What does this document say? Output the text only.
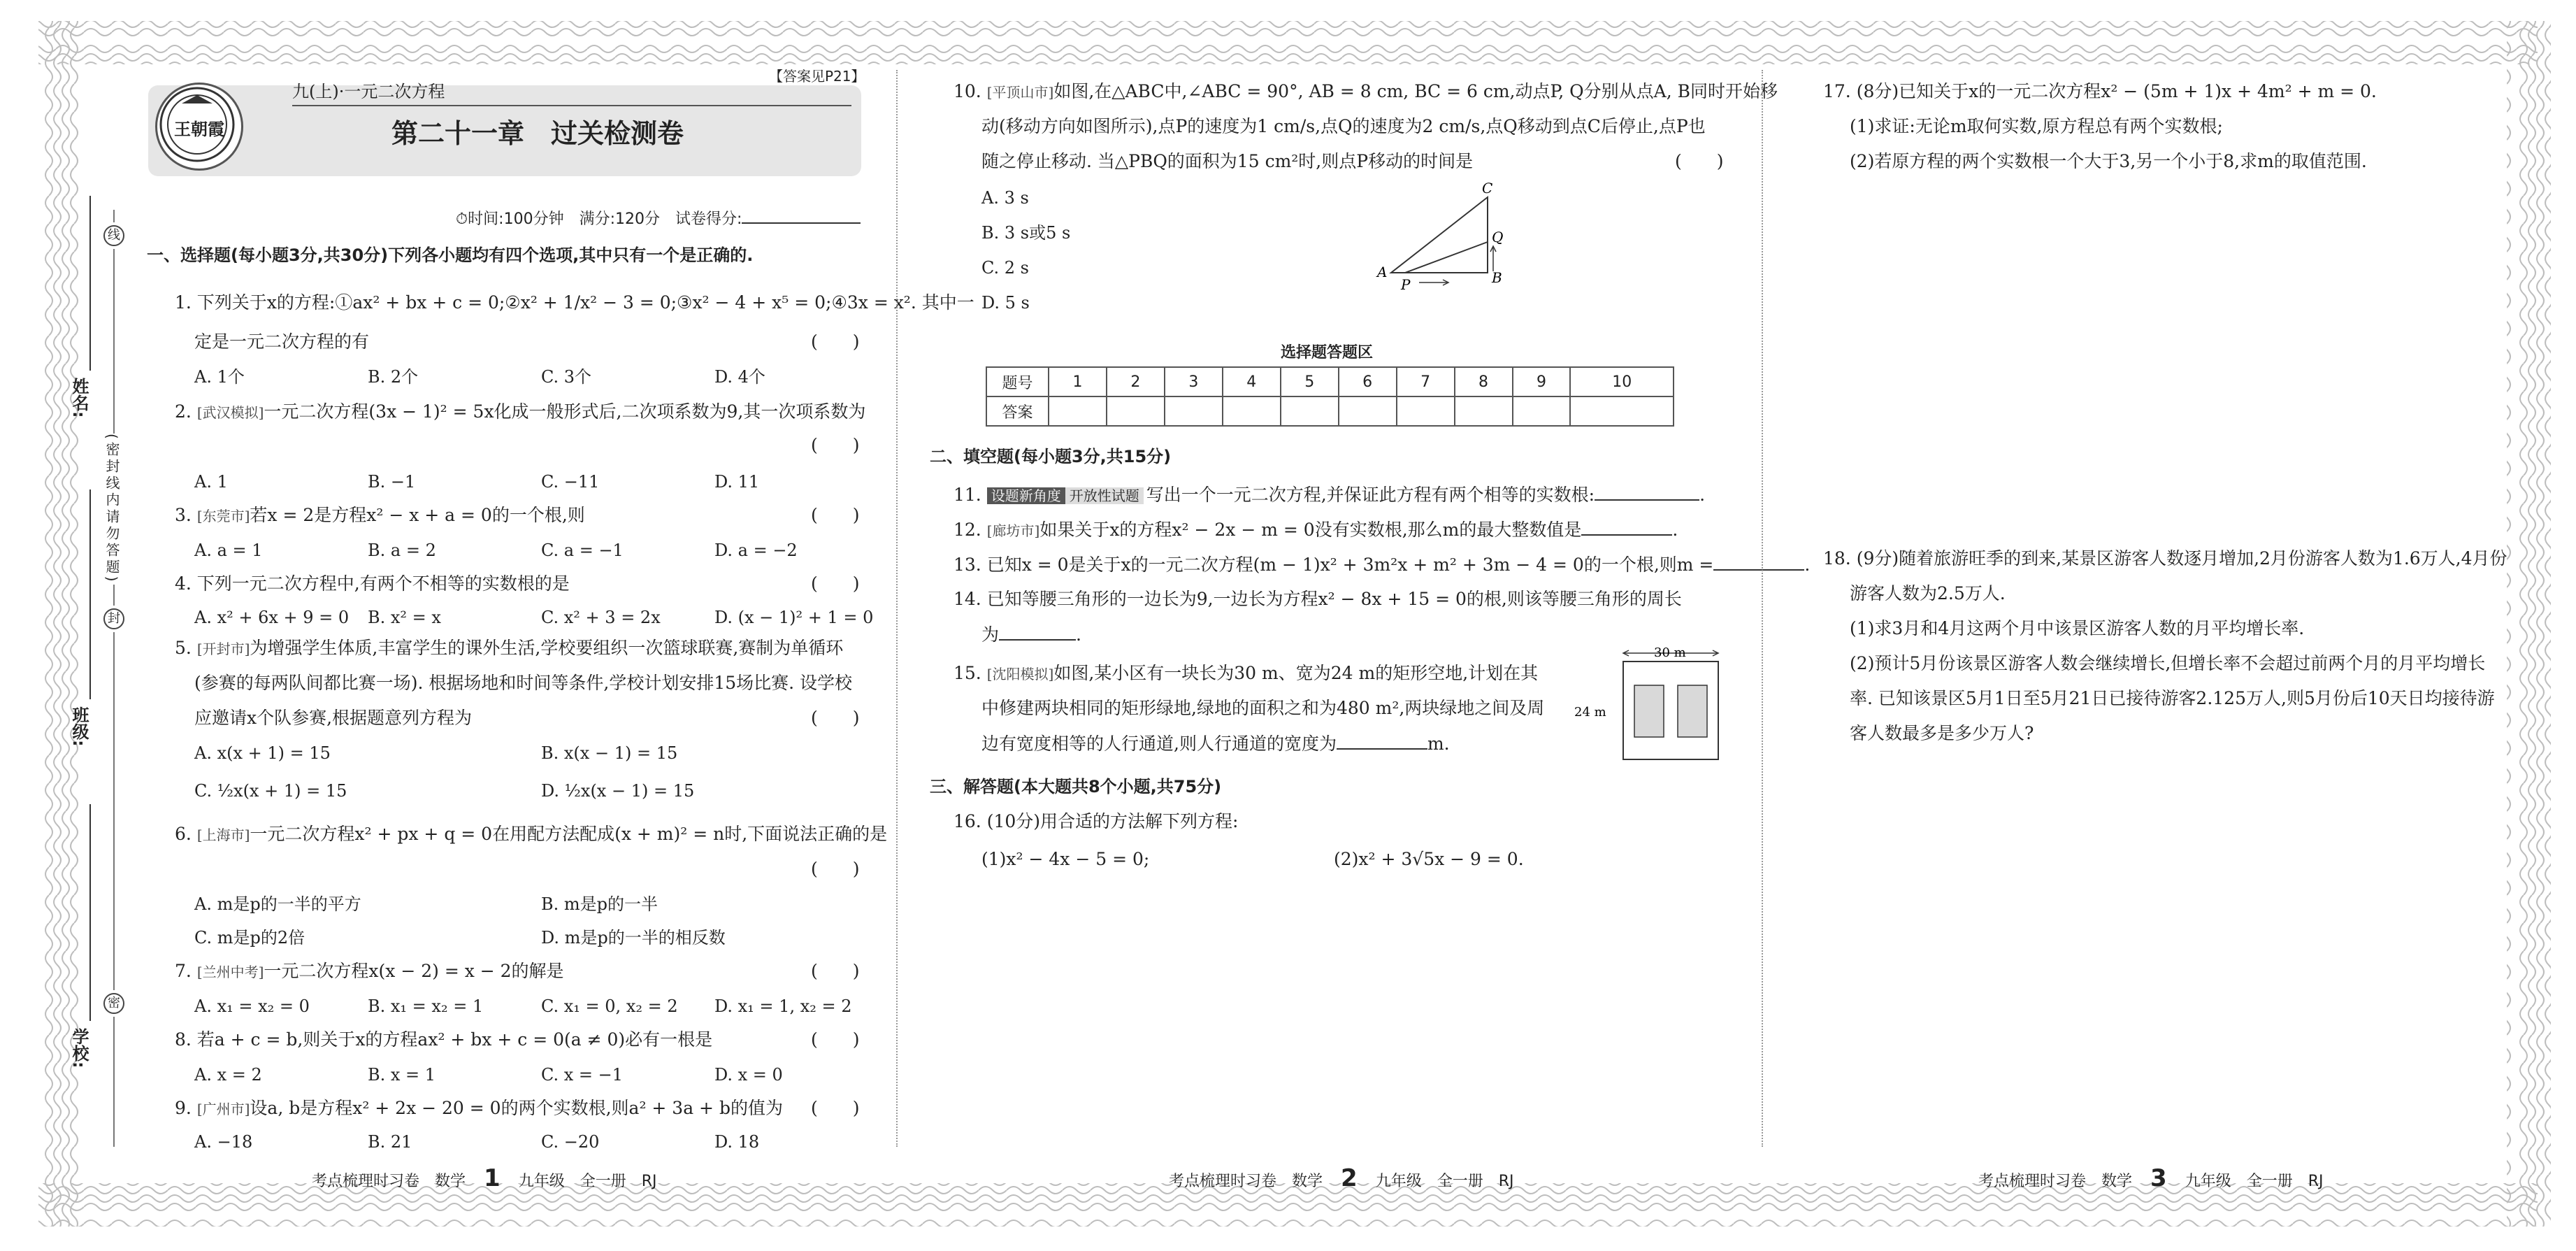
姓名:
班级:
学校:
线
封
密
(密封线内请勿答题)
王朝霞
【答案见P21】
九(上)·一元二次方程
第二十一章　过关检测卷
⏱时间:100分钟　满分:120分　试卷得分:
一、选择题(每小题3分,共30分)下列各小题均有四个选项,其中只有一个是正确的.
1. 下列关于x的方程:①ax² + bx + c = 0;②x² + 1/x² − 3 = 0;③x² − 4 + x⁵ = 0;④3x = x². 其中一
定是一元二次方程的有	(　　)
A. 1个	B. 2个	C. 3个	D. 4个
2. [武汉模拟]一元二次方程(3x − 1)² = 5x化成一般形式后,二次项系数为9,其一次项系数为
(　　)
A. 1	B. −1	C. −11	D. 11
3. [东莞市]若x = 2是方程x² − x + a = 0的一个根,则	(　　)
A. a = 1	B. a = 2	C. a = −1	D. a = −2
4. 下列一元二次方程中,有两个不相等的实数根的是	(　　)
A. x² + 6x + 9 = 0 B. x² = x	C. x² + 3 = 2x	D. (x − 1)² + 1 = 0
5. [开封市]为增强学生体质,丰富学生的课外生活,学校要组织一次篮球联赛,赛制为单循环
(参赛的每两队间都比赛一场). 根据场地和时间等条件,学校计划安排15场比赛. 设学校
应邀请x个队参赛,根据题意列方程为	(　　)
A. x(x + 1) = 15	B. x(x − 1) = 15
C. ½x(x + 1) = 15	D. ½x(x − 1) = 15
6. [上海市]一元二次方程x² + px + q = 0在用配方法配成(x + m)² = n时,下面说法正确的是
(　　)
A. m是p的一半的平方	B. m是p的一半
C. m是p的2倍	D. m是p的一半的相反数
7. [兰州中考]一元二次方程x(x − 2) = x − 2的解是	(　　)
A. x₁ = x₂ = 0	B. x₁ = x₂ = 1	C. x₁ = 0, x₂ = 2 D. x₁ = 1, x₂ = 2
8. 若a + c = b,则关于x的方程ax² + bx + c = 0(a ≠ 0)必有一根是	(　　)
A. x = 2	B. x = 1	C. x = −1	D. x = 0
9. [广州市]设a, b是方程x² + 2x − 20 = 0的两个实数根,则a² + 3a + b的值为 (　　)
A. −18	B. 21	C. −20	D. 18
10. [平顶山市]如图,在△ABC中,∠ABC = 90°, AB = 8 cm, BC = 6 cm,动点P, Q分别从点A, B同时开始移
动(移动方向如图所示),点P的速度为1 cm/s,点Q的速度为2 cm/s,点Q移动到点C后停止,点P也
随之停止移动. 当△PBQ的面积为15 cm²时,则点P移动的时间是	(　　)
A. 3 s
B. 3 s或5 s
C. 2 s
D. 5 s
A
P	B
Q
C
选择题答题区
题号	1	2	3	4	5	6	7	8	9	10
答案										
二、填空题(每小题3分,共15分)
11. 设题新角度 开放性试题 写出一个一元二次方程,并保证此方程有两个相等的实数根:	.
12. [廊坊市]如果关于x的方程x² − 2x − m = 0没有实数根,那么m的最大整数值是	.
13. 已知x = 0是关于x的一元二次方程(m − 1)x² + 3m²x + m² + 3m − 4 = 0的一个根,则m =	.
14. 已知等腰三角形的一边长为9,一边长为方程x² − 8x + 15 = 0的根,则该等腰三角形的周长
为	.
15. [沈阳模拟]如图,某小区有一块长为30 m、宽为24 m的矩形空地,计划在其
中修建两块相同的矩形绿地,绿地的面积之和为480 m²,两块绿地之间及周
边有宽度相等的人行通道,则人行通道的宽度为	m.
30 m
24 m
三、解答题(本大题共8个小题,共75分)
16. (10分)用合适的方法解下列方程:
(1)x² − 4x − 5 = 0;	(2)x² + 3√5x − 9 = 0.
17. (8分)已知关于x的一元二次方程x² − (5m + 1)x + 4m² + m = 0.
(1)求证:无论m取何实数,原方程总有两个实数根;
(2)若原方程的两个实数根一个大于3,另一个小于8,求m的取值范围.
18. (9分)随着旅游旺季的到来,某景区游客人数逐月增加,2月份游客人数为1.6万人,4月份
游客人数为2.5万人.
(1)求3月和4月这两个月中该景区游客人数的月平均增长率.
(2)预计5月份该景区游客人数会继续增长,但增长率不会超过前两个月的月平均增长
率. 已知该景区5月1日至5月21日已接待游客2.125万人,则5月份后10天日均接待游
客人数最多是多少万人?
考点梳理时习卷　数学 1 九年级　全一册　RJ	考点梳理时习卷　数学 2 九年级　全一册　RJ	考点梳理时习卷　数学 3 九年级　全一册　RJ
